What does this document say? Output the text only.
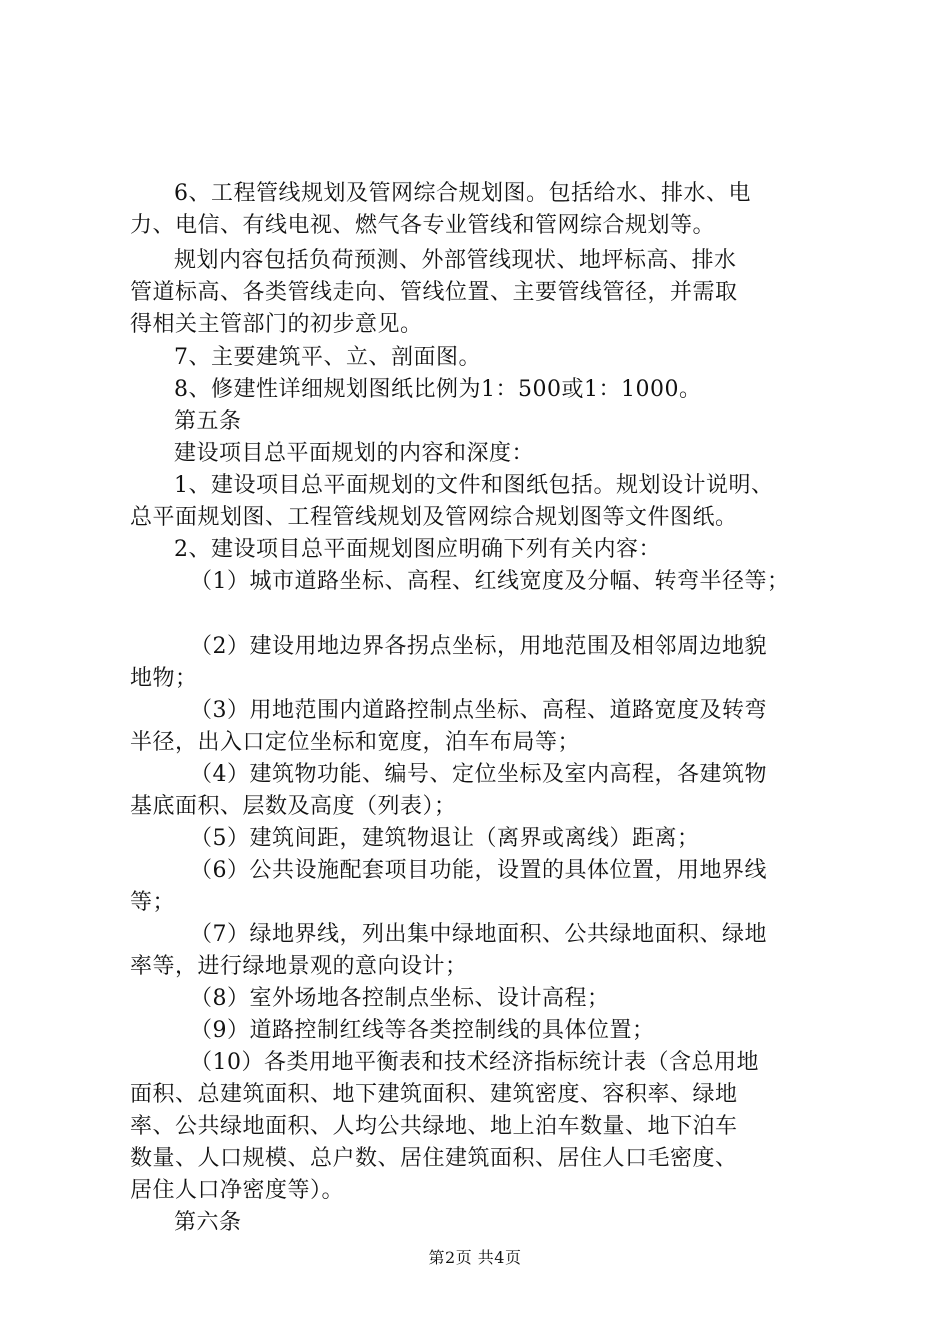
6、工程管线规划及管网综合规划图。包括给水、排水、电
力、电信、有线电视、燃气各专业管线和管网综合规划等。
规划内容包括负荷预测、外部管线现状、地坪标高、排水
管道标高、各类管线走向、管线位置、主要管线管径，并需取
得相关主管部门的初步意见。
7、主要建筑平、立、剖面图。
8、修建性详细规划图纸比例为1：500或1：1000。
第五条
建设项目总平面规划的内容和深度：
1、建设项目总平面规划的文件和图纸包括。规划设计说明、
总平面规划图、工程管线规划及管网综合规划图等文件图纸。
2、建设项目总平面规划图应明确下列有关内容：
（1）城市道路坐标、高程、红线宽度及分幅、转弯半径等；
（2）建设用地边界各拐点坐标，用地范围及相邻周边地貌
地物；
（3）用地范围内道路控制点坐标、高程、道路宽度及转弯
半径，出入口定位坐标和宽度，泊车布局等；
（4）建筑物功能、编号、定位坐标及室内高程，各建筑物
基底面积、层数及高度（列表）；
（5）建筑间距，建筑物退让（离界或离线）距离；
（6）公共设施配套项目功能，设置的具体位置，用地界线
等；
（7）绿地界线，列出集中绿地面积、公共绿地面积、绿地
率等，进行绿地景观的意向设计；
（8）室外场地各控制点坐标、设计高程；
（9）道路控制红线等各类控制线的具体位置；
（10）各类用地平衡表和技术经济指标统计表（含总用地
面积、总建筑面积、地下建筑面积、建筑密度、容积率、绿地
率、公共绿地面积、人均公共绿地、地上泊车数量、地下泊车
数量、人口规模、总户数、居住建筑面积、居住人口毛密度、
居住人口净密度等）。
第六条
第2页 共4页
